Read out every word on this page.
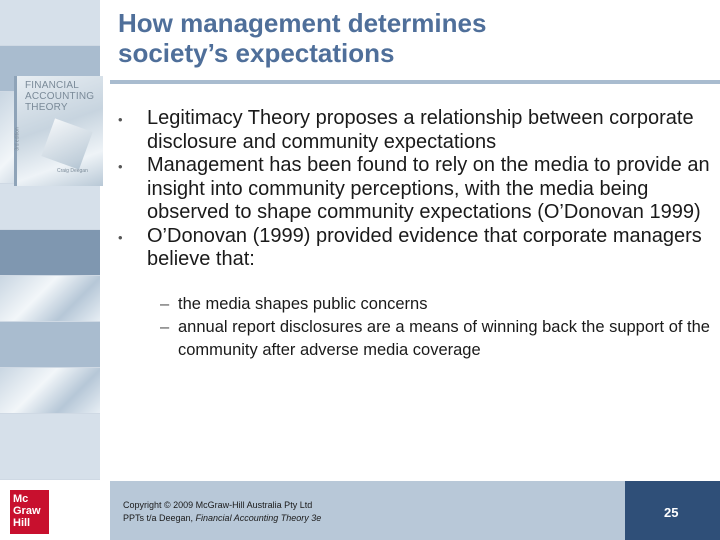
FINANCIAL ACCOUNTING THEORY
3rd edition
Craig Deegan
How management determines
society’s expectations
• Legitimacy Theory proposes a relationship between corporate disclosure and community expectations
• Management has been found to rely on the media to provide an insight into community perceptions, with the media being observed to shape community expectations (O’Donovan 1999)
• O’Donovan (1999) provided evidence that corporate managers believe that:
– the media shapes public concerns
– annual report disclosures are a means of winning back the support of the community after adverse media coverage
Mc
Graw
Hill
Copyright © 2009 McGraw-Hill Australia Pty Ltd
PPTs t/a Deegan, Financial Accounting Theory 3e	25
